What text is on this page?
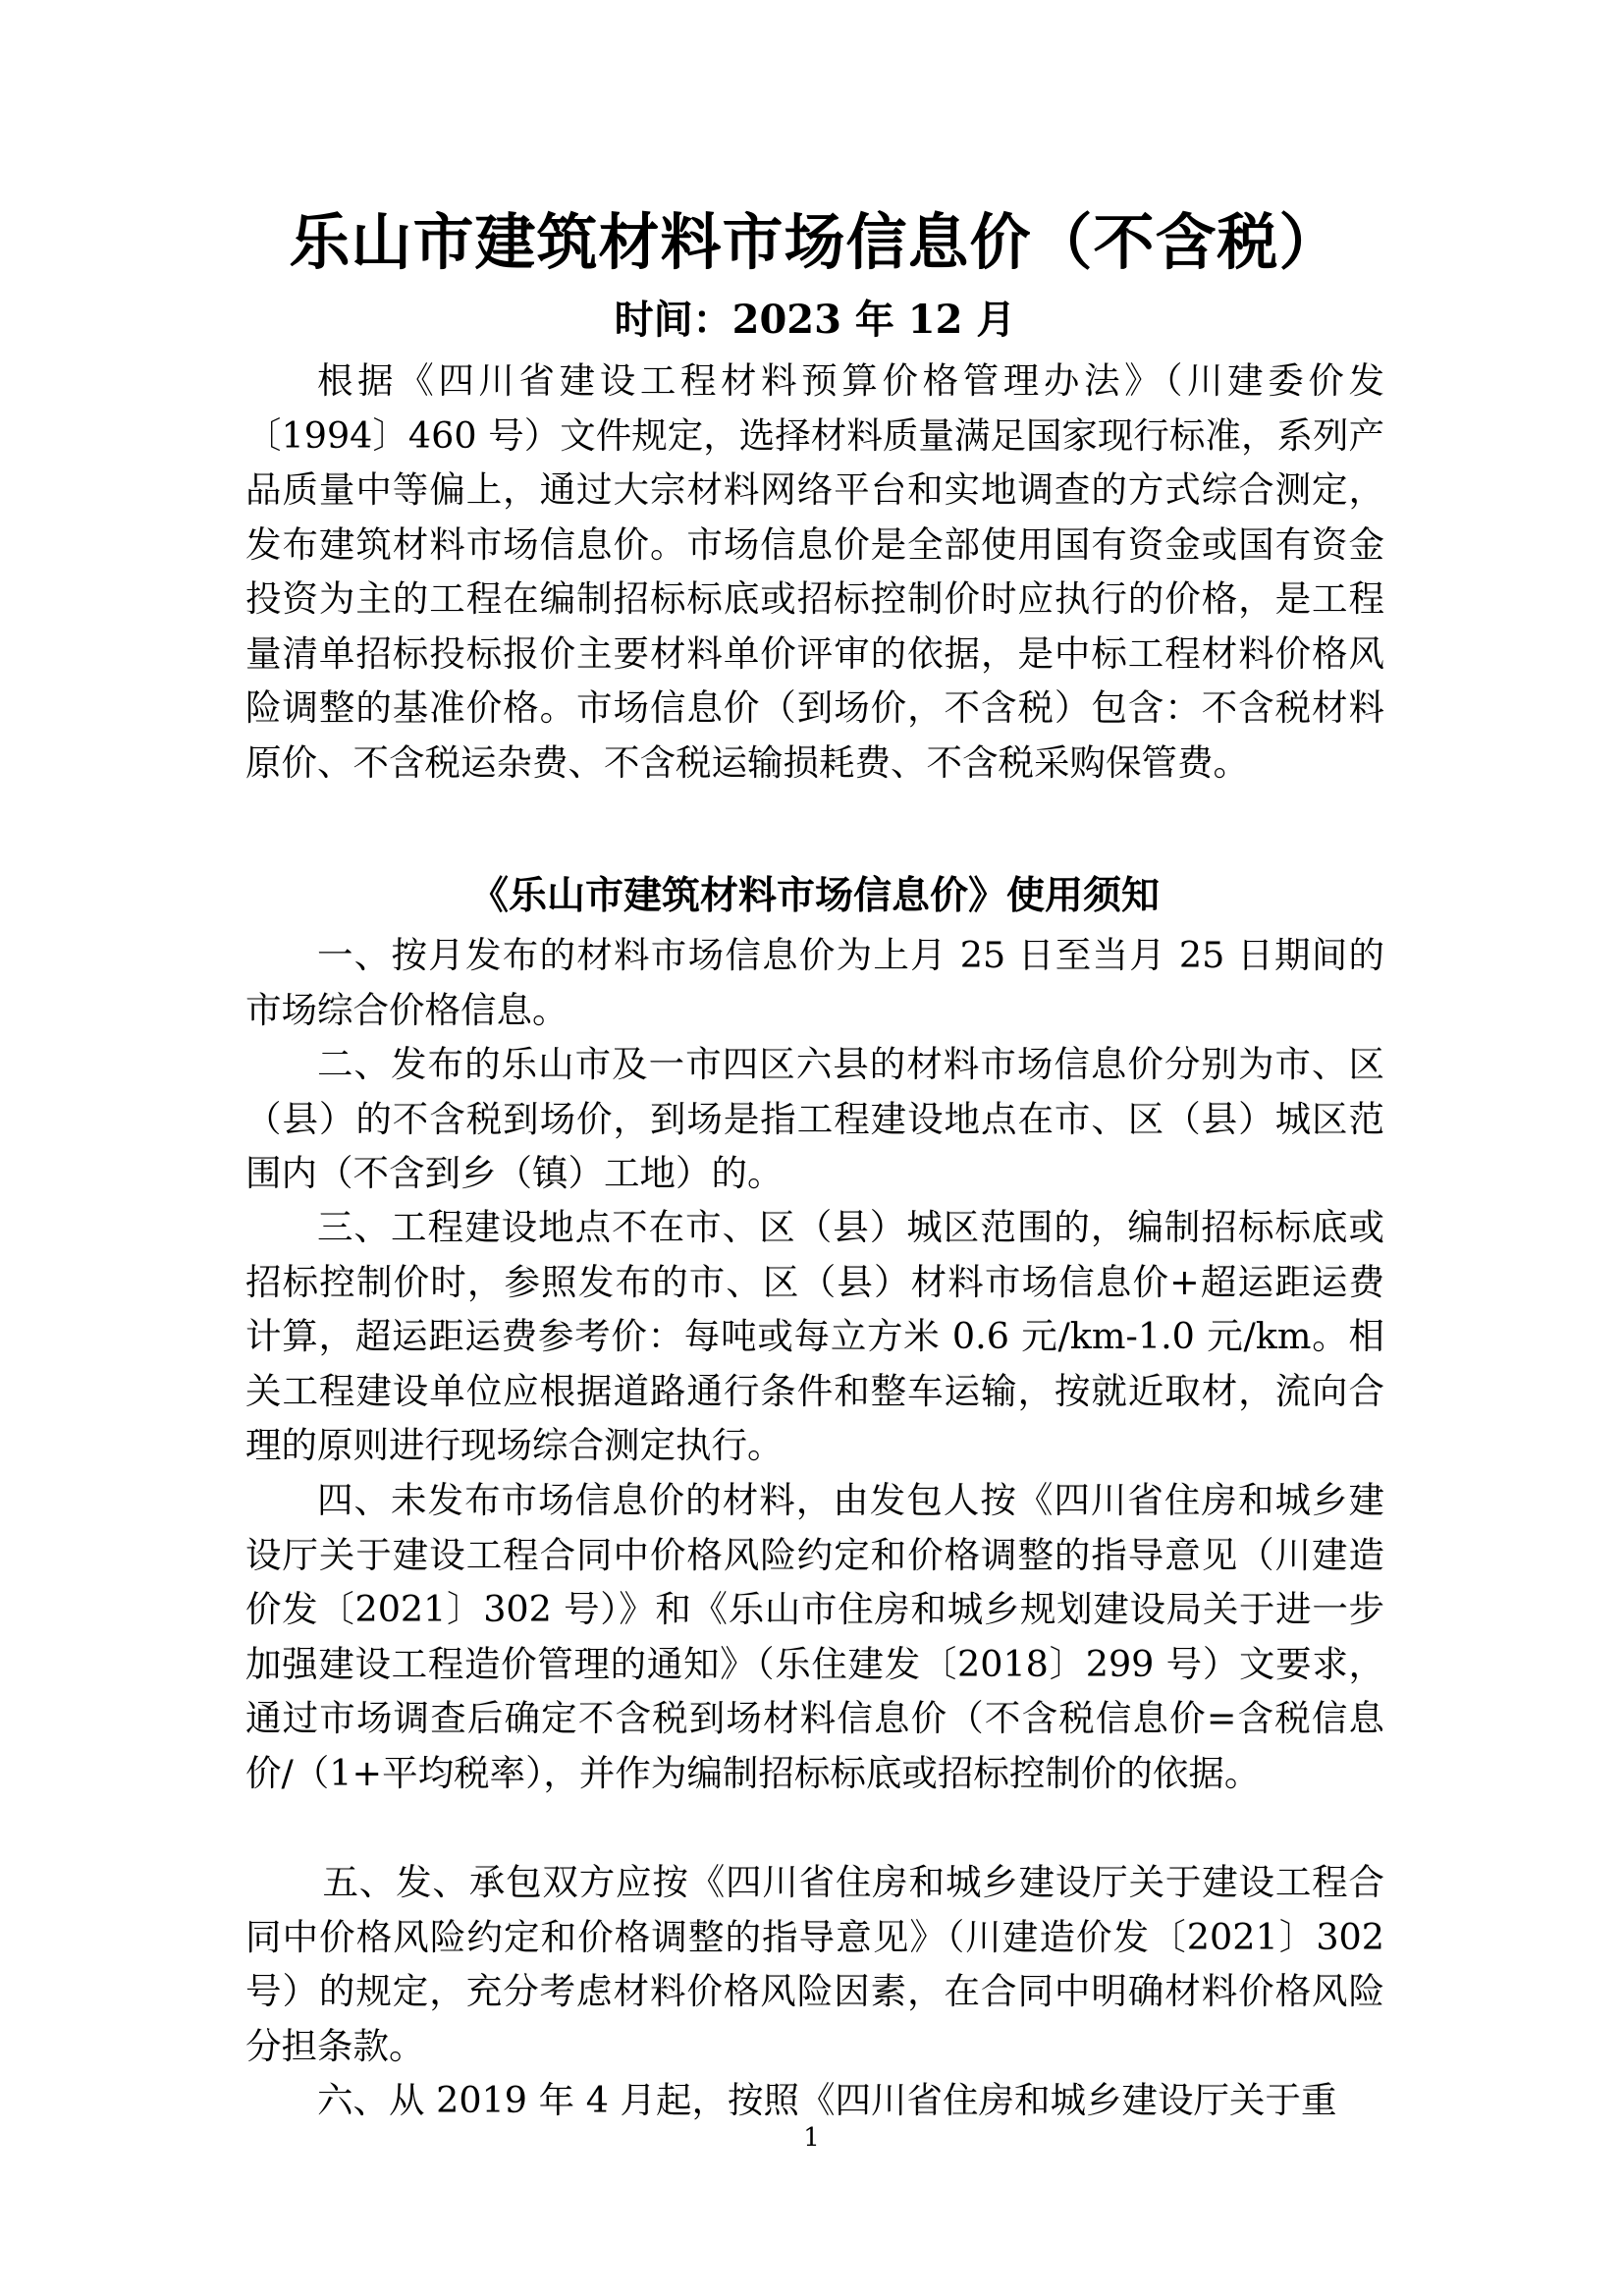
乐山市建筑材料市场信息价（不含税）
时间：2023 年 12 月
根据《四川省建设工程材料预算价格管理办法》（川建委价发〔1994〕460 号）文件规定，选择材料质量满足国家现行标准，系列产品质量中等偏上，通过大宗材料网络平台和实地调查的方式综合测定，发布建筑材料市场信息价。市场信息价是全部使用国有资金或国有资金投资为主的工程在编制招标标底或招标控制价时应执行的价格，是工程量清单招标投标报价主要材料单价评审的依据，是中标工程材料价格风险调整的基准价格。市场信息价（到场价，不含税）包含：不含税材料原价、不含税运杂费、不含税运输损耗费、不含税采购保管费。
《乐山市建筑材料市场信息价》使用须知
一、按月发布的材料市场信息价为上月 25 日至当月 25 日期间的市场综合价格信息。
二、发布的乐山市及一市四区六县的材料市场信息价分别为市、区（县）的不含税到场价，到场是指工程建设地点在市、区（县）城区范围内（不含到乡（镇）工地）的。
三、工程建设地点不在市、区（县）城区范围的，编制招标标底或招标控制价时，参照发布的市、区（县）材料市场信息价+超运距运费计算，超运距运费参考价：每吨或每立方米 0.6 元/km-1.0 元/km。相关工程建设单位应根据道路通行条件和整车运输，按就近取材，流向合理的原则进行现场综合测定执行。
四、未发布市场信息价的材料，由发包人按《四川省住房和城乡建设厅关于建设工程合同中价格风险约定和价格调整的指导意见（川建造价发〔2021〕302 号）》和《乐山市住房和城乡规划建设局关于进一步加强建设工程造价管理的通知》（乐住建发〔2018〕299 号）文要求，通过市场调查后确定不含税到场材料信息价（不含税信息价=含税信息价/（1+平均税率），并作为编制招标标底或招标控制价的依据。
五、发、承包双方应按《四川省住房和城乡建设厅关于建设工程合同中价格风险约定和价格调整的指导意见》（川建造价发〔2021〕302 号）的规定，充分考虑材料价格风险因素，在合同中明确材料价格风险分担条款。
六、从 2019 年 4 月起，按照《四川省住房和城乡建设厅关于重
1
